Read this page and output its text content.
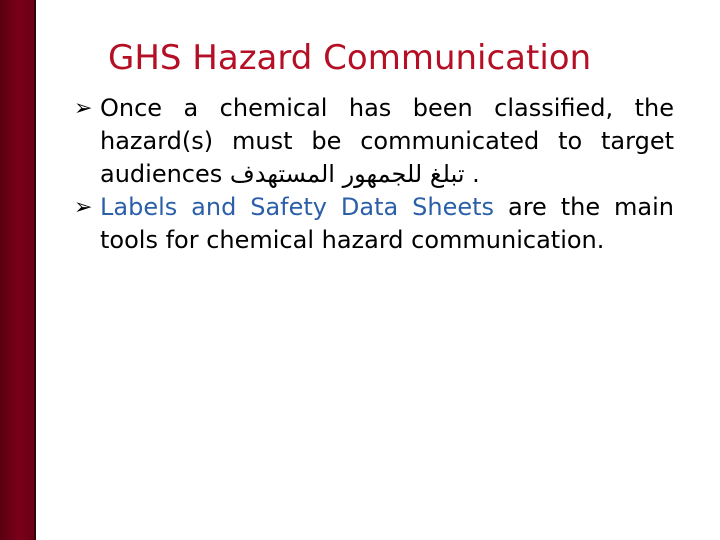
GHS Hazard Communication
➢ Once a chemical has been classified, the hazard(s) must be communicated to target audiences تبلغ للجمهور المستهدف .
➢ Labels and Safety Data Sheets are the main tools for chemical hazard communication.
